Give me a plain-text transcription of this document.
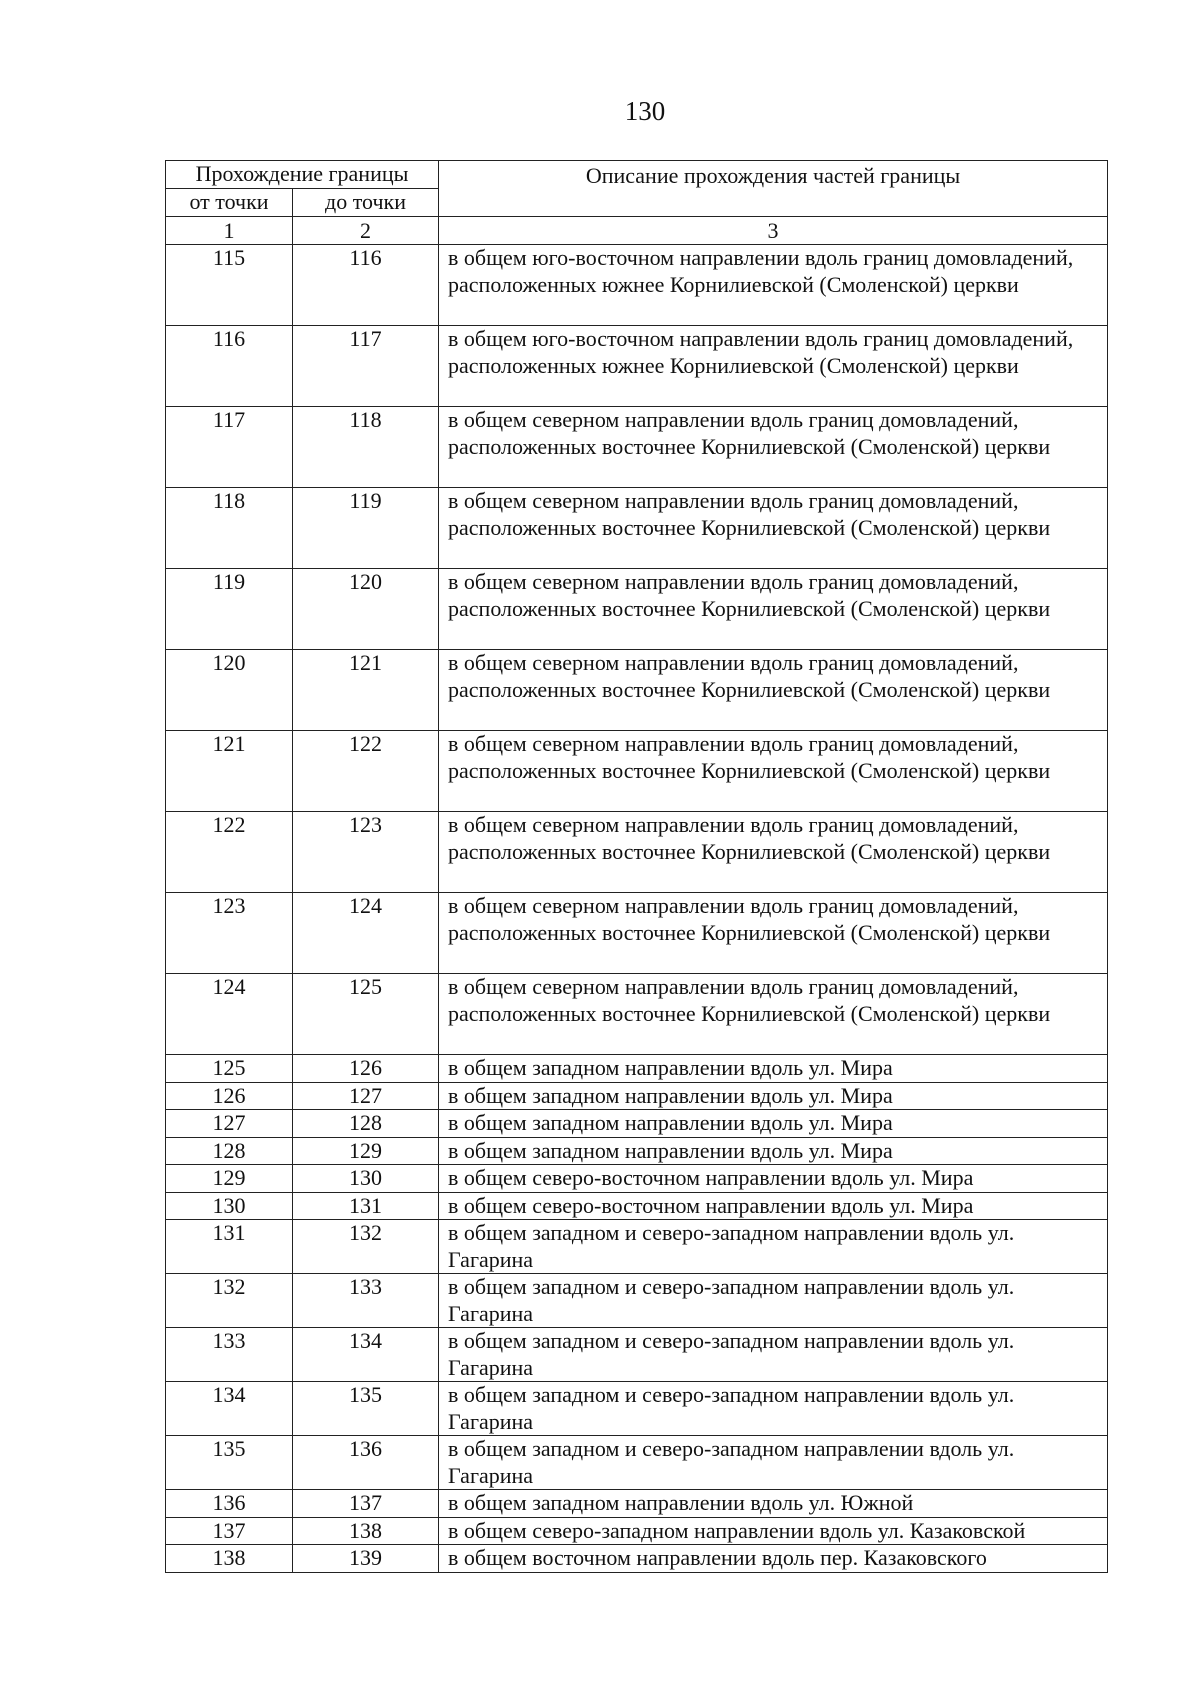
130
Прохождение границы		Описание прохождения частей границы
от точки	до точки	
1	2	3
115	116	в общем юго-восточном направлении вдоль границ домовладений, расположенных южнее Корнилиевской (Смоленской) церкви
116	117	в общем юго-восточном направлении вдоль границ домовладений, расположенных южнее Корнилиевской (Смоленской) церкви
117	118	в общем северном направлении вдоль границ домовладений, расположенных восточнее Корнилиевской (Смоленской) церкви
118	119	в общем северном направлении вдоль границ домовладений, расположенных восточнее Корнилиевской (Смоленской) церкви
119	120	в общем северном направлении вдоль границ домовладений, расположенных восточнее Корнилиевской (Смоленской) церкви
120	121	в общем северном направлении вдоль границ домовладений, расположенных восточнее Корнилиевской (Смоленской) церкви
121	122	в общем северном направлении вдоль границ домовладений, расположенных восточнее Корнилиевской (Смоленской) церкви
122	123	в общем северном направлении вдоль границ домовладений, расположенных восточнее Корнилиевской (Смоленской) церкви
123	124	в общем северном направлении вдоль границ домовладений, расположенных восточнее Корнилиевской (Смоленской) церкви
124	125	в общем северном направлении вдоль границ домовладений, расположенных восточнее Корнилиевской (Смоленской) церкви
125	126	в общем западном направлении вдоль ул. Мира
126	127	в общем западном направлении вдоль ул. Мира
127	128	в общем западном направлении вдоль ул. Мира
128	129	в общем западном направлении вдоль ул. Мира
129	130	в общем северо-восточном направлении вдоль ул. Мира
130	131	в общем северо-восточном направлении вдоль ул. Мира
131	132	в общем западном и северо-западном направлении вдоль ул. Гагарина
132	133	в общем западном и северо-западном направлении вдоль ул. Гагарина
133	134	в общем западном и северо-западном направлении вдоль ул. Гагарина
134	135	в общем западном и северо-западном направлении вдоль ул. Гагарина
135	136	в общем западном и северо-западном направлении вдоль ул. Гагарина
136	137	в общем западном направлении вдоль ул. Южной
137	138	в общем северо-западном направлении вдоль ул. Казаковской
138	139	в общем восточном направлении вдоль пер. Казаковского
